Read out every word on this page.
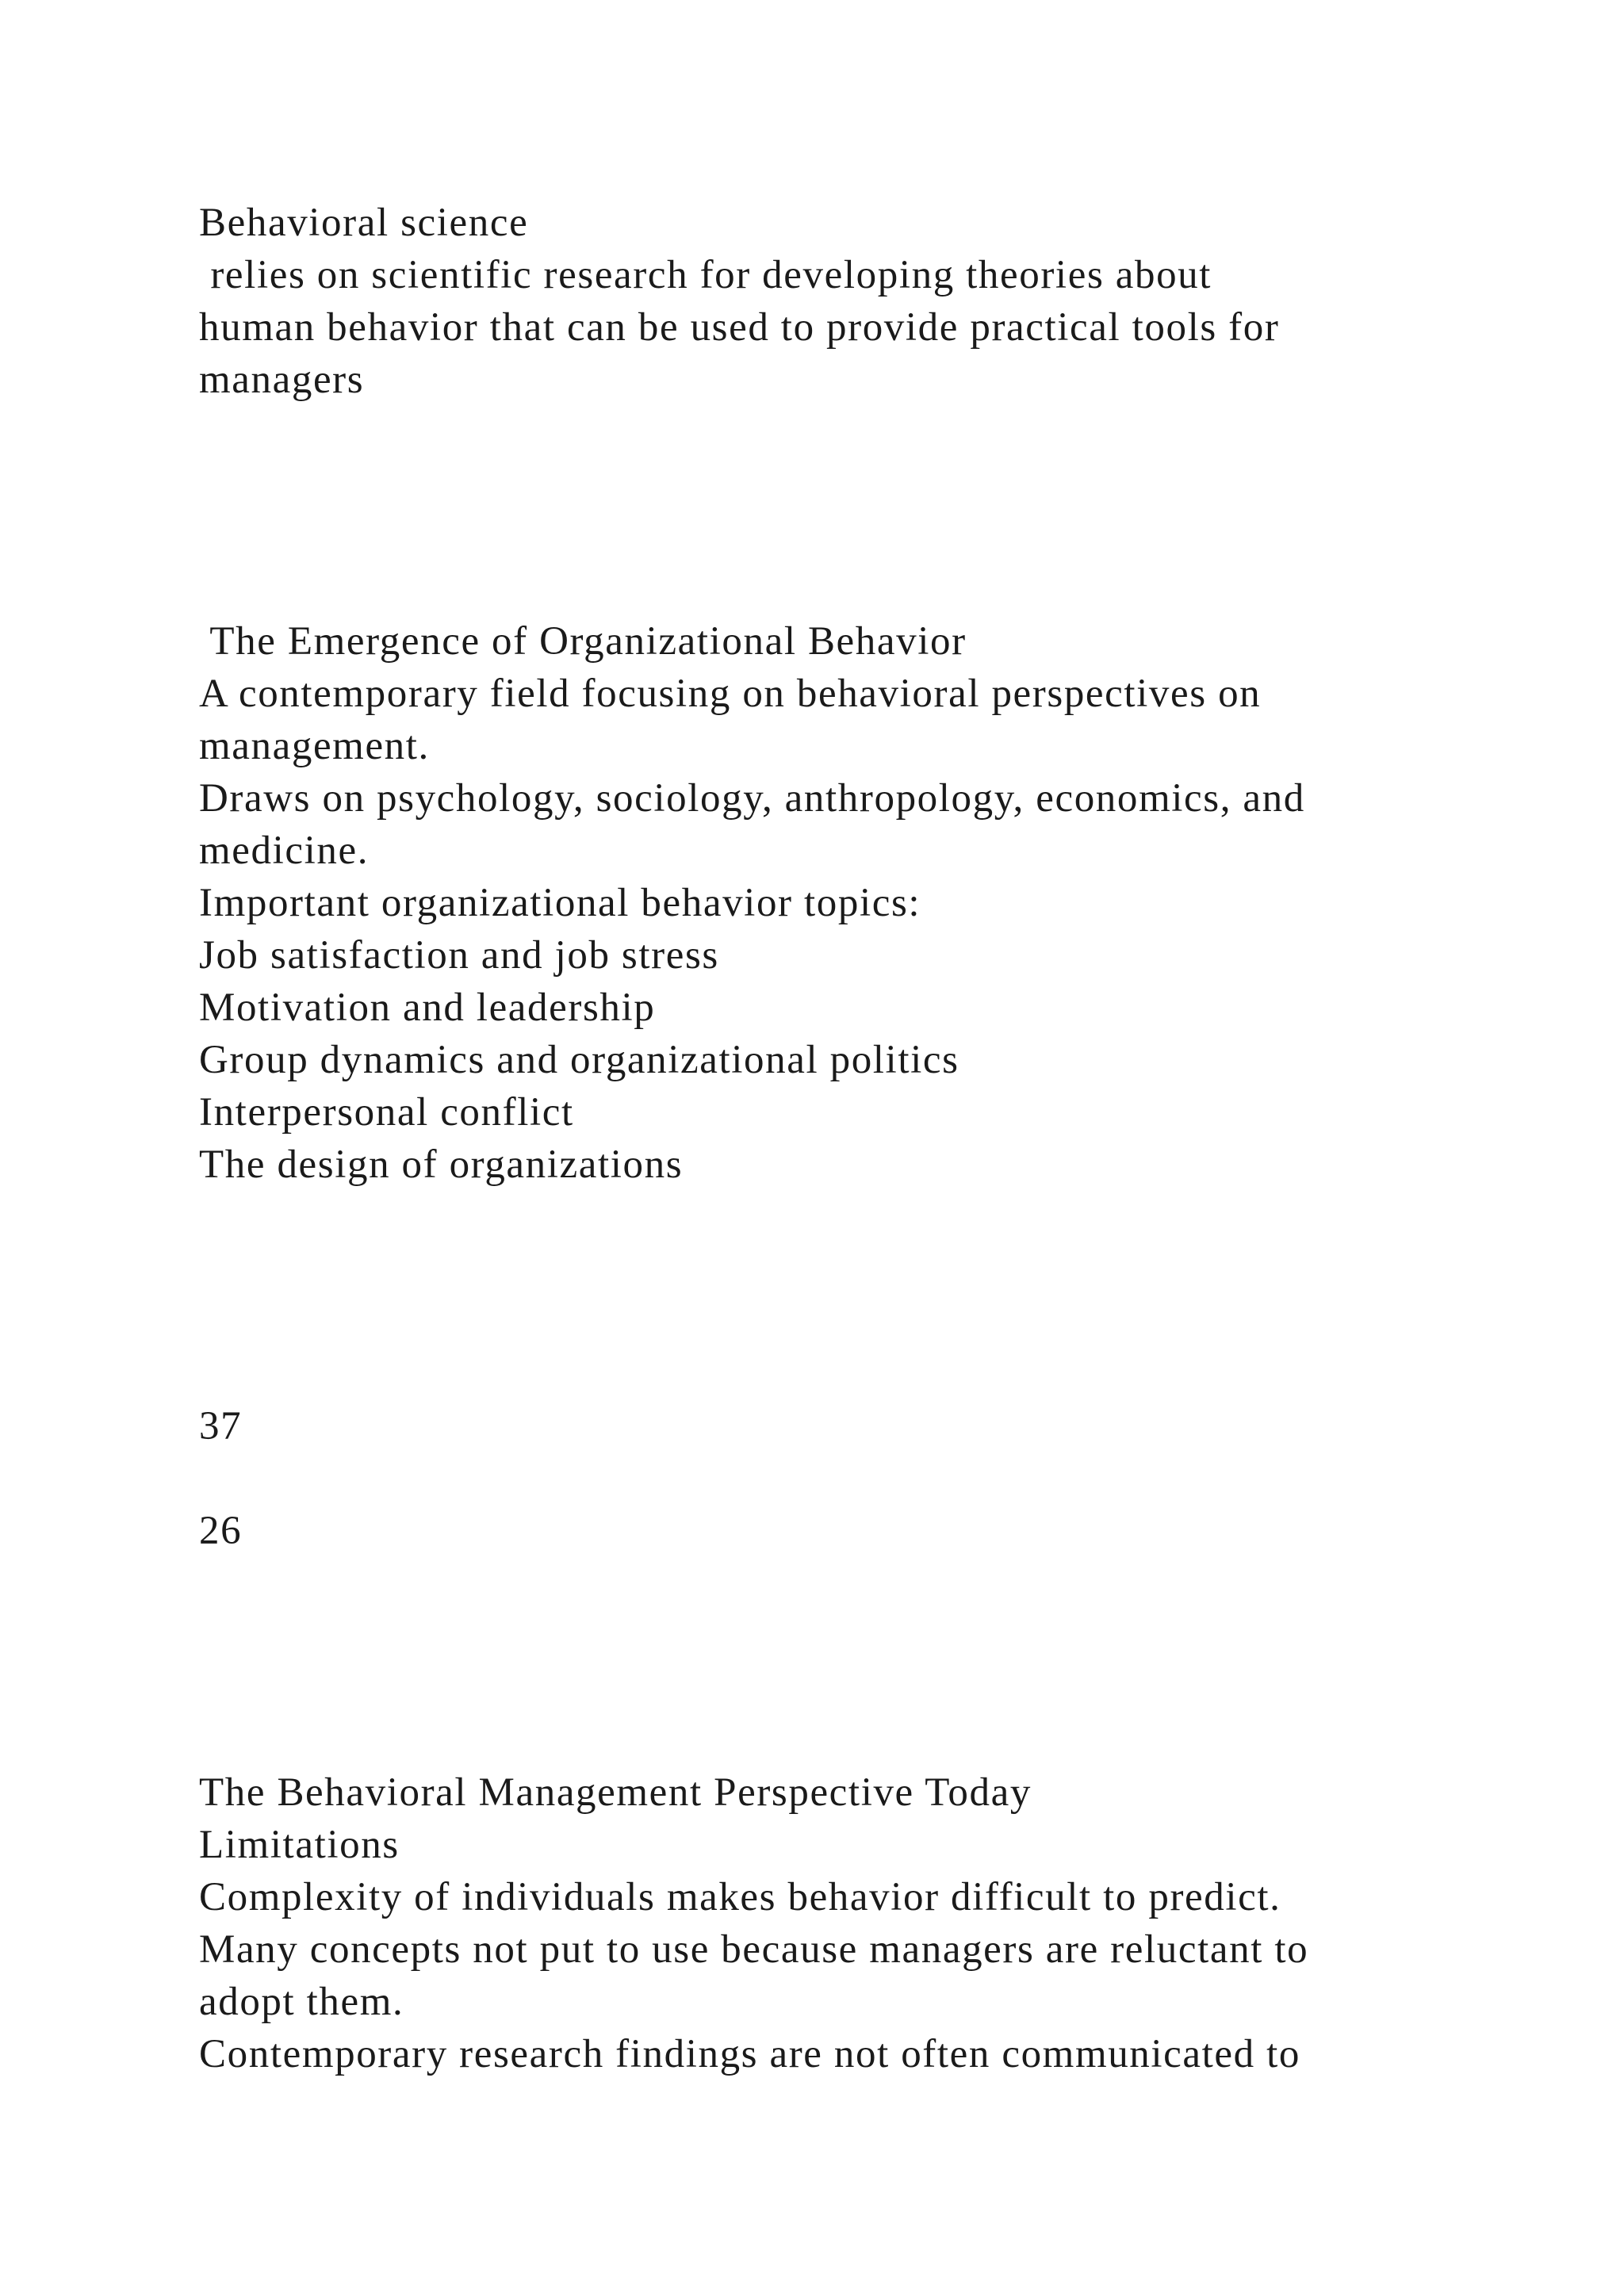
Behavioral science

relies on scientific research for developing theories about

human behavior that can be used to provide practical tools for

managers

The Emergence of Organizational Behavior

A contemporary field focusing on behavioral perspectives on

management.

Draws on psychology, sociology, anthropology, economics, and

medicine.

Important organizational behavior topics:

Job satisfaction and job stress

Motivation and leadership

Group dynamics and organizational politics

Interpersonal conflict

The design of organizations

37

26

The Behavioral Management Perspective Today

Limitations

Complexity of individuals makes behavior difficult to predict.

Many concepts not put to use because managers are reluctant to

adopt them.

Contemporary research findings are not often communicated to
